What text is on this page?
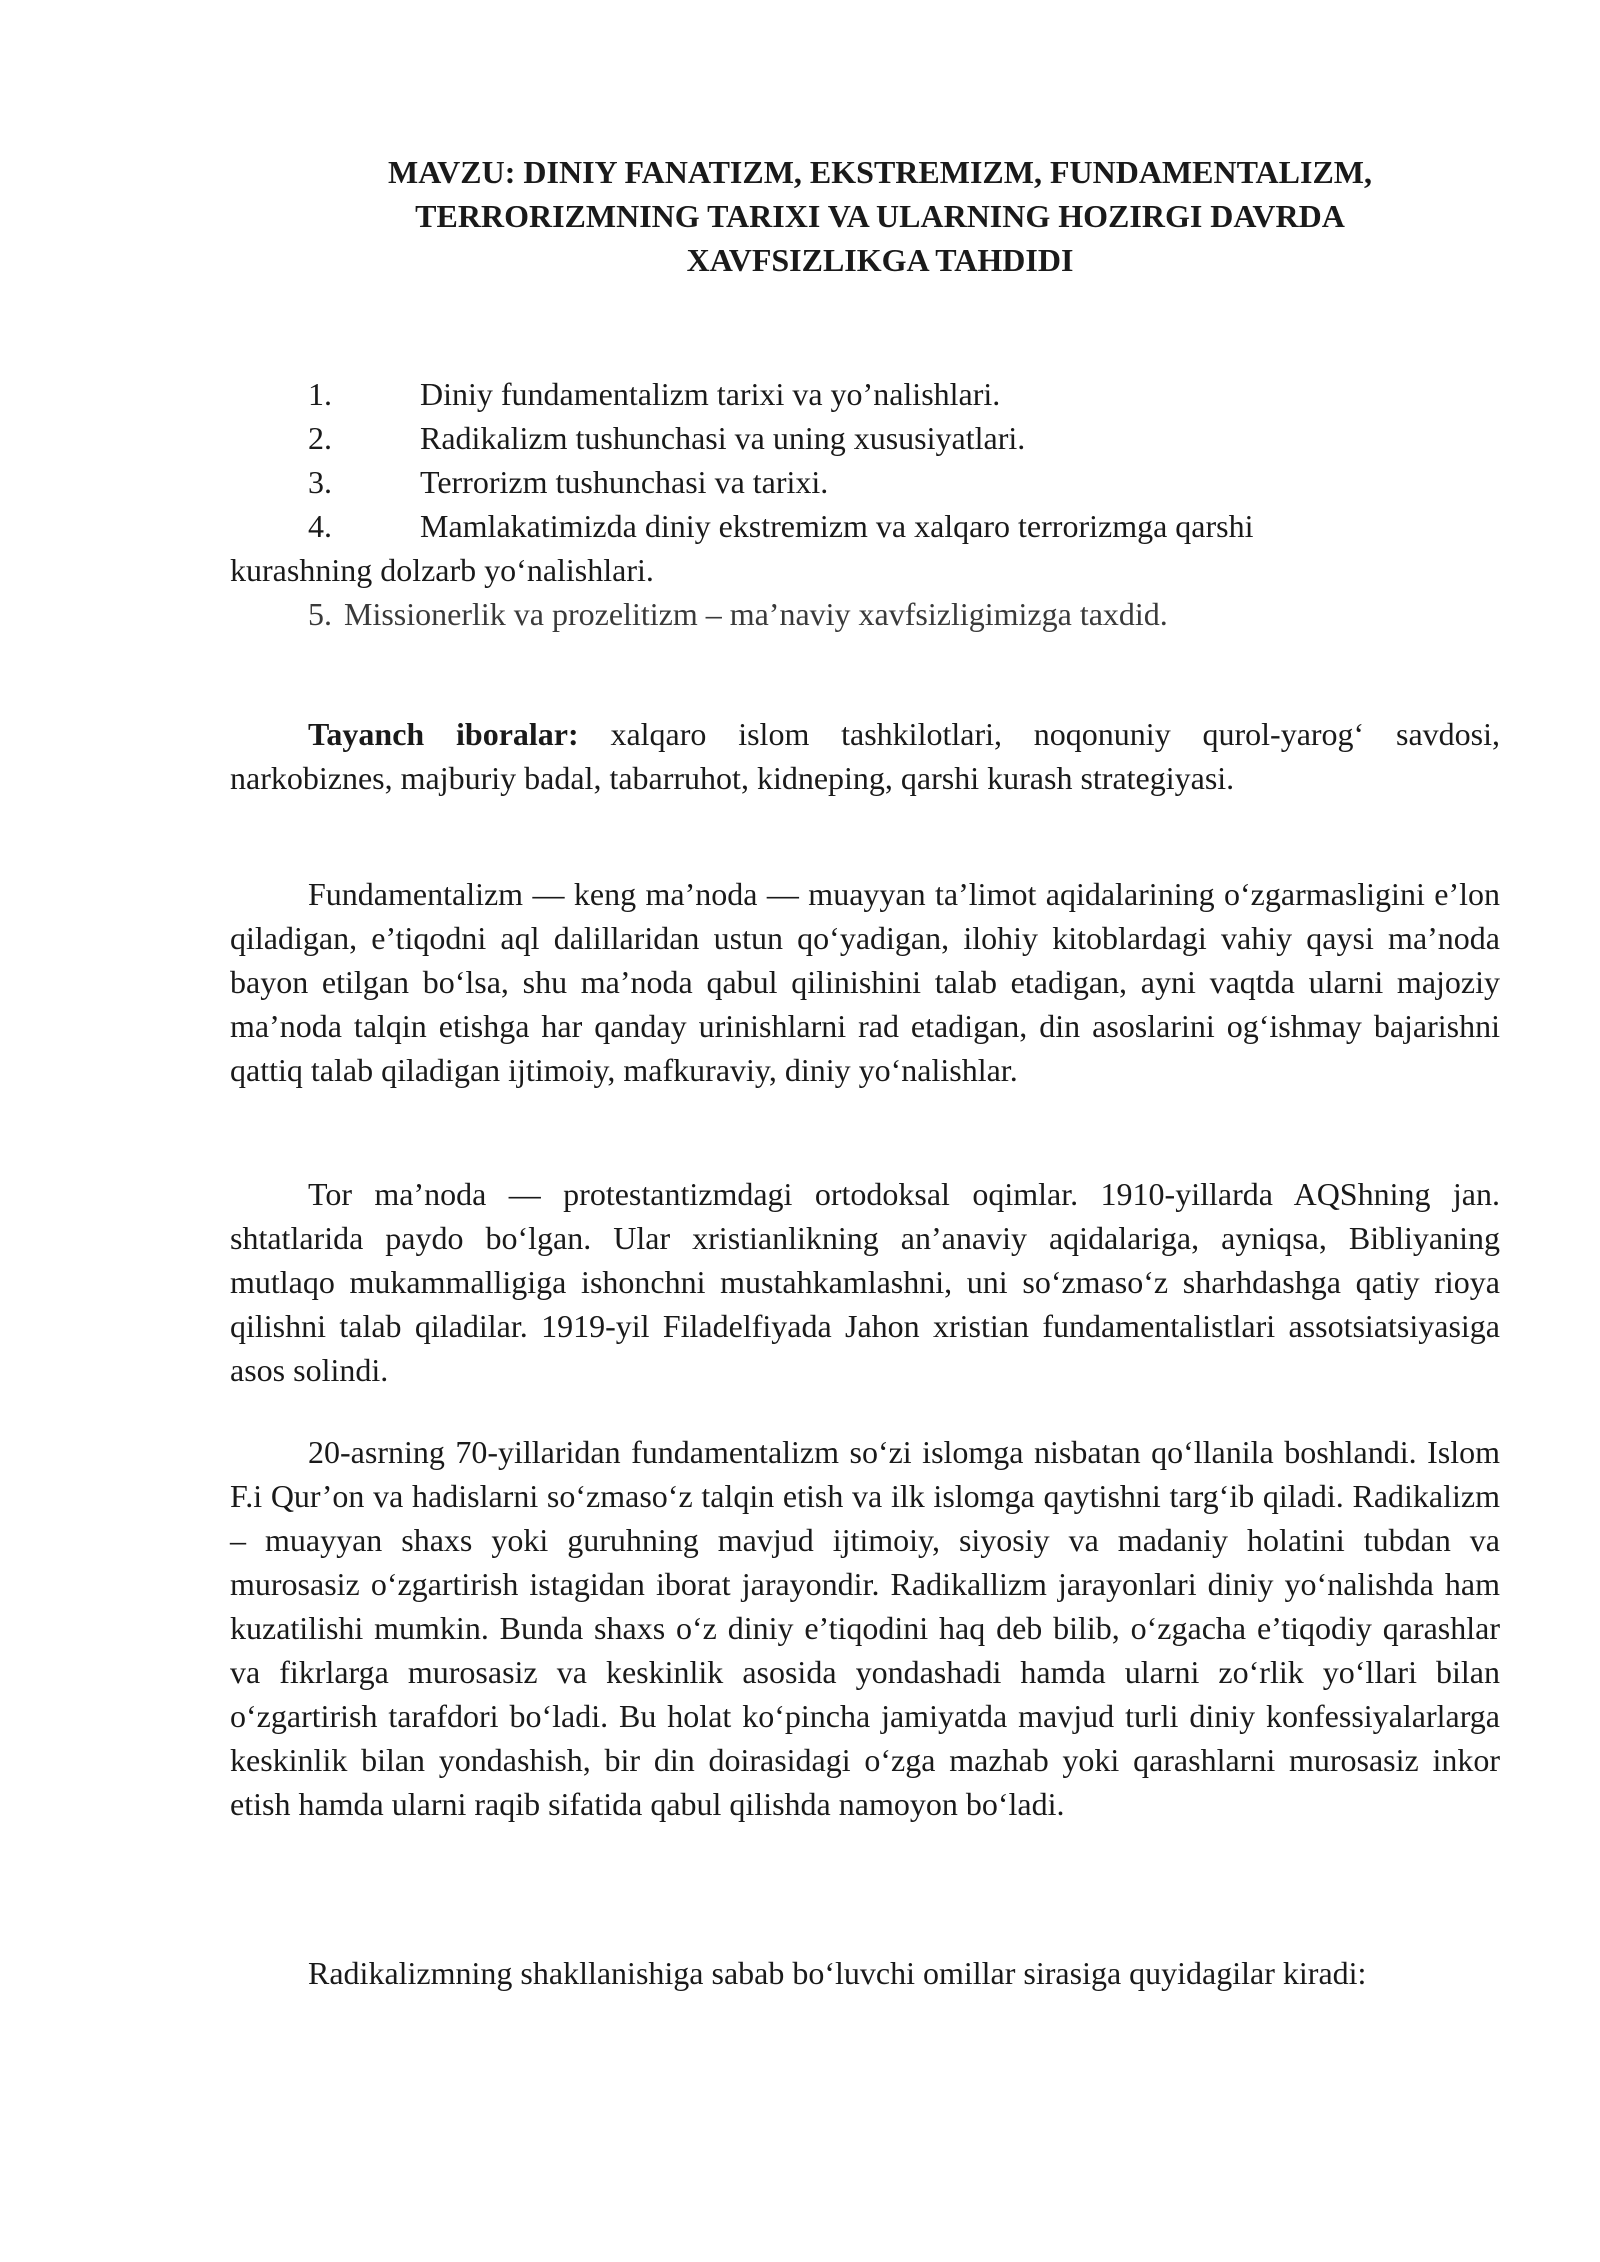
MAVZU: DINIY FANATIZM, EKSTREMIZM, FUNDAMENTALIZM,
TERRORIZMNING TARIXI VA ULARNING HOZIRGI DAVRDA
XAVFSIZLIKGA TAHDIDI
1.	Diniy fundamentalizm tarixi va yo’nalishlari.
2.	Radikalizm tushunchasi va uning xususiyatlari.
3.	Terrorizm tushunchasi va tarixi.
4.	Mamlakatimizda diniy ekstremizm va xalqaro terrorizmga qarshi
kurashning dolzarb yo‘nalishlari.
5. Missionerlik va prozelitizm – ma’naviy xavfsizligimizga taxdid.

Tayanch iboralar: xalqaro islom tashkilotlari, noqonuniy qurol-yarog‘ savdosi, narkobiznes, majburiy badal, tabarruhot, kidneping, qarshi kurash strategiyasi.

Fundamentalizm — keng ma’noda — muayyan ta’limot aqidalarining o‘zgarmasligini e’lon qiladigan, e’tiqodni aql dalillaridan ustun qo‘yadigan, ilohiy kitoblardagi vahiy qaysi ma’noda bayon etilgan bo‘lsa, shu ma’noda qabul qilinishini talab etadigan, ayni vaqtda ularni majoziy ma’noda talqin etishga har qanday urinishlarni rad etadigan, din asoslarini og‘ishmay bajarishni qattiq talab qiladigan ijtimoiy, mafkuraviy, diniy yo‘nalishlar.

Tor ma’noda — protestantizmdagi ortodoksal oqimlar. 1910-yillarda AQShning jan. shtatlarida paydo bo‘lgan. Ular xristianlikning an’anaviy aqidalariga, ayniqsa, Bibliyaning mutlaqo mukammalligiga ishonchni mustahkamlashni, uni so‘zmaso‘z sharhdashga qatiy rioya qilishni talab qiladilar. 1919-yil Filadelfiyada Jahon xristian fundamentalistlari assotsiatsiyasiga asos solindi.

20-asrning 70-yillaridan fundamentalizm so‘zi islomga nisbatan qo‘llanila boshlandi. Islom F.i Qur’on va hadislarni so‘zmaso‘z talqin etish va ilk islomga qaytishni targ‘ib qiladi. Radikalizm – muayyan shaxs yoki guruhning mavjud ijtimoiy, siyosiy va madaniy holatini tubdan va murosasiz o‘zgartirish istagidan iborat jarayondir. Radikallizm jarayonlari diniy yo‘nalishda ham kuzatilishi mumkin. Bunda shaxs o‘z diniy e’tiqodini haq deb bilib, o‘zgacha e’tiqodiy qarashlar va fikrlarga murosasiz va keskinlik asosida yondashadi hamda ularni zo‘rlik yo‘llari bilan o‘zgartirish tarafdori bo‘ladi. Bu holat ko‘pincha jamiyatda mavjud turli diniy konfessiyalarlarga keskinlik bilan yondashish, bir din doirasidagi o‘zga mazhab yoki qarashlarni murosasiz inkor etish hamda ularni raqib sifatida qabul qilishda namoyon bo‘ladi.

Radikalizmning shakllanishiga sabab bo‘luvchi omillar sirasiga quyidagilar kiradi:
